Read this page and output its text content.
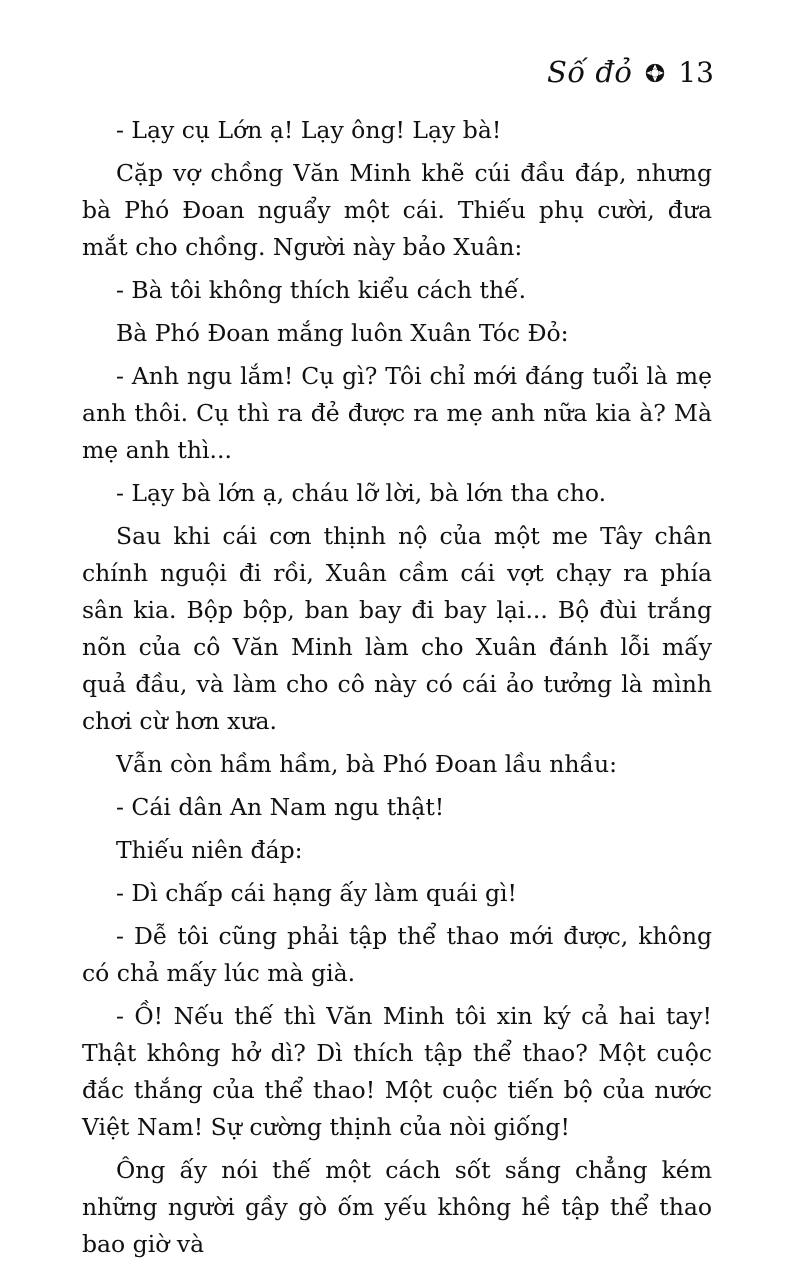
Số đỏ 13

- Lạy cụ Lớn ạ! Lạy ông! Lạy bà!

Cặp vợ chồng Văn Minh khẽ cúi đầu đáp, nhưng bà Phó Đoan nguẩy một cái. Thiếu phụ cười, đưa mắt cho chồng. Người này bảo Xuân:

- Bà tôi không thích kiểu cách thế.

Bà Phó Đoan mắng luôn Xuân Tóc Đỏ:

- Anh ngu lắm! Cụ gì? Tôi chỉ mới đáng tuổi là mẹ anh thôi. Cụ thì ra đẻ được ra mẹ anh nữa kia à? Mà mẹ anh thì...

- Lạy bà lớn ạ, cháu lỡ lời, bà lớn tha cho.

Sau khi cái cơn thịnh nộ của một me Tây chân chính nguội đi rồi, Xuân cầm cái vợt chạy ra phía sân kia. Bộp bộp, ban bay đi bay lại... Bộ đùi trắng nõn của cô Văn Minh làm cho Xuân đánh lỗi mấy quả đầu, và làm cho cô này có cái ảo tưởng là mình chơi cừ hơn xưa.

Vẫn còn hầm hầm, bà Phó Đoan lầu nhầu:

- Cái dân An Nam ngu thật!

Thiếu niên đáp:

- Dì chấp cái hạng ấy làm quái gì!

- Dễ tôi cũng phải tập thể thao mới được, không có chả mấy lúc mà già.

- Ồ! Nếu thế thì Văn Minh tôi xin ký cả hai tay! Thật không hở dì? Dì thích tập thể thao? Một cuộc đắc thắng của thể thao! Một cuộc tiến bộ của nước Việt Nam! Sự cường thịnh của nòi giống!

Ông ấy nói thế một cách sốt sắng chẳng kém những người gầy gò ốm yếu không hề tập thể thao bao giờ và
